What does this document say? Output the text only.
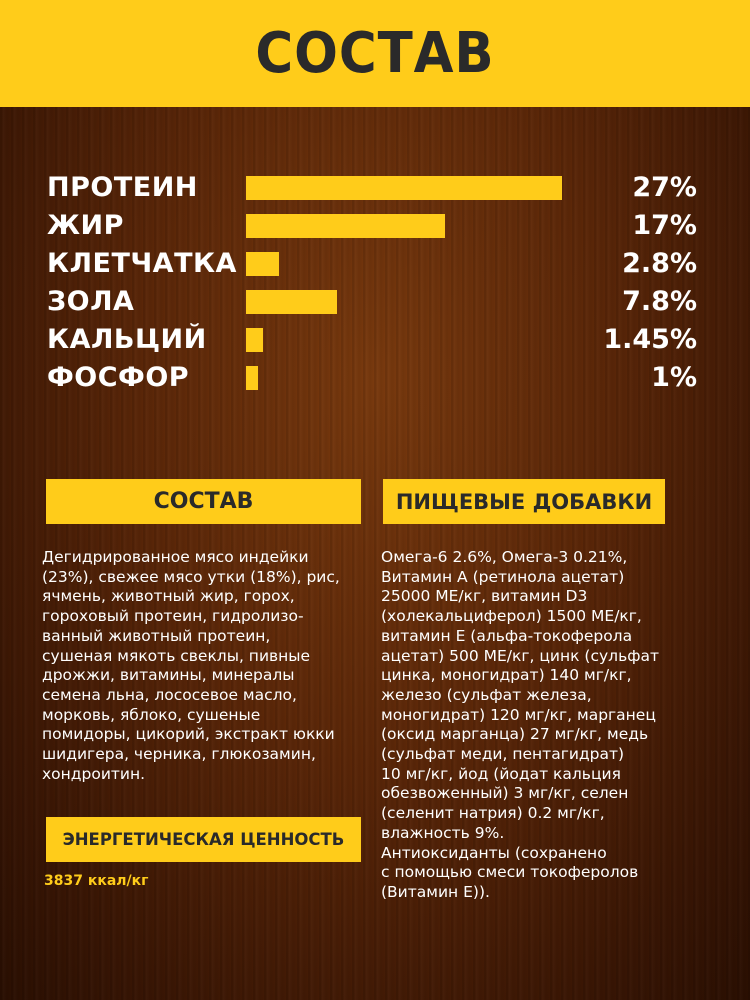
СОСТАВ
ПРОТЕИН	27%
ЖИР	17%
КЛЕТЧАТКА	2.8%
ЗОЛА	7.8%
КАЛЬЦИЙ	1.45%
ФОСФОР	1%
СОСТАВ	ПИЩЕВЫЕ ДОБАВКИ
Дегидрированное мясо индейки
(23%), свежее мясо утки (18%), рис,
ячмень, животный жир, горох,
гороховый протеин, гидролизо-
ванный животный протеин,
сушеная мякоть свеклы, пивные
дрожжи, витамины, минералы
семена льна, лососевое масло,
морковь, яблоко, сушеные
помидоры, цикорий, экстракт юкки
шидигера, черника, глюкозамин,
хондроитин.
Омега-6 2.6%, Омега-3 0.21%,
Витамин А (ретинола ацетат)
25000 МЕ/кг, витамин D3
(холекальциферол) 1500 МЕ/кг,
витамин Е (альфа-токоферола
ацетат) 500 МЕ/кг, цинк (сульфат
цинка, моногидрат) 140 мг/кг,
железо (сульфат железа,
моногидрат) 120 мг/кг, марганец
(оксид марганца) 27 мг/кг, медь
(сульфат меди, пентагидрат)
10 мг/кг, йод (йодат кальция
обезвоженный) 3 мг/кг, селен
(селенит натрия) 0.2 мг/кг,
влажность 9%.
Антиоксиданты (сохранено
с помощью смеси токоферолов
(Витамин Е)).
ЭНЕРГЕТИЧЕСКАЯ ЦЕННОСТЬ
3837 ккал/кг
